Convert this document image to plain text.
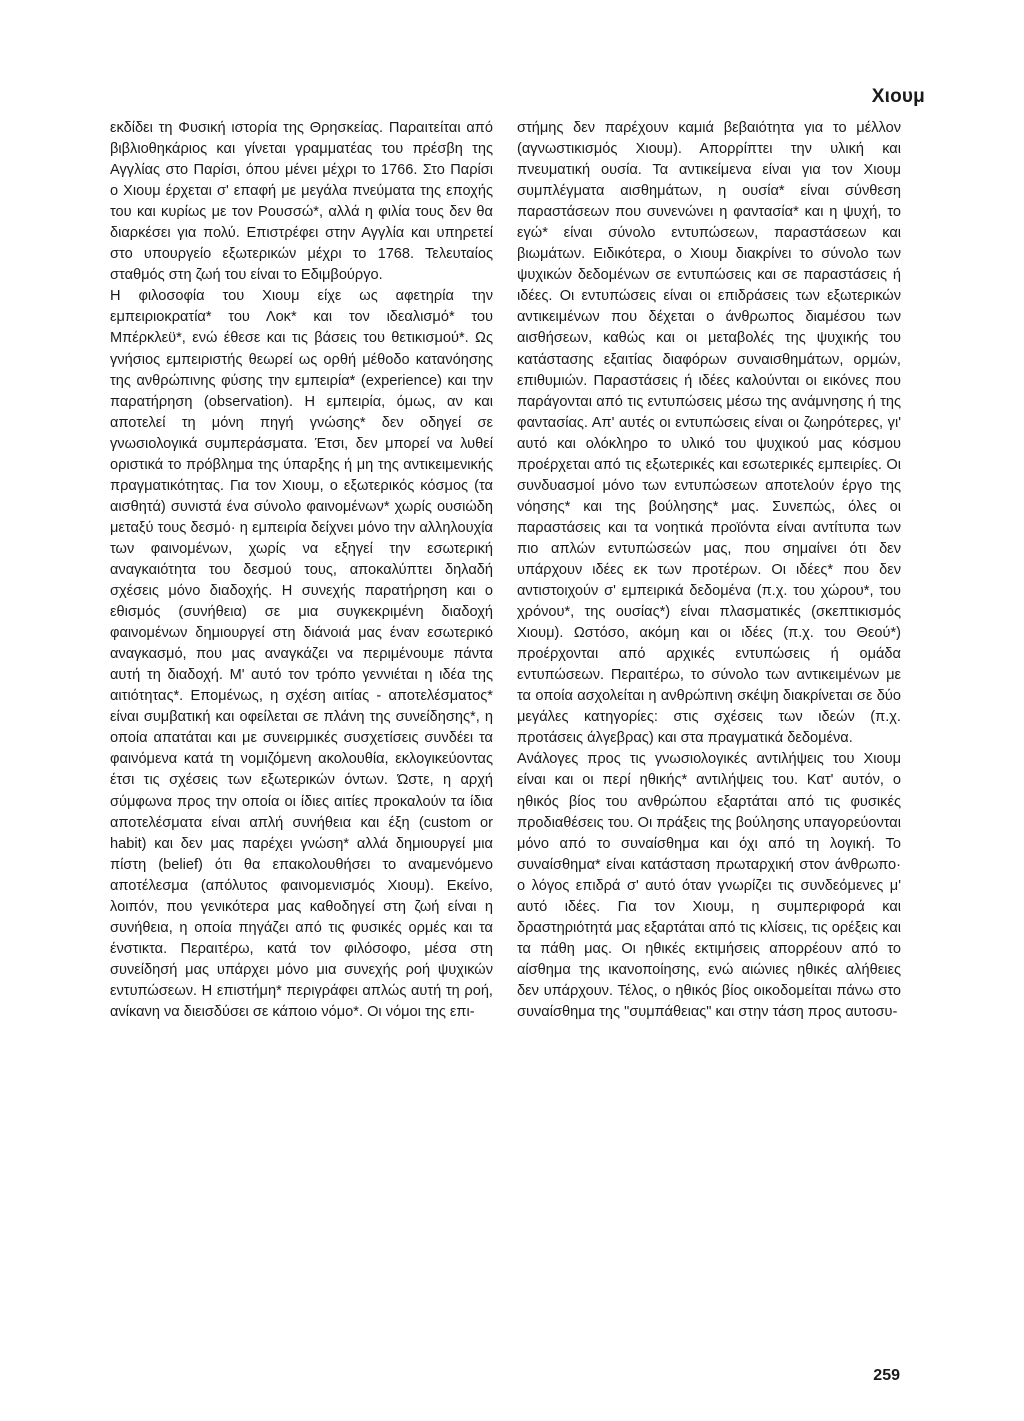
Χιουμ

εκδίδει τη Φυσική ιστορία της Θρησκείας. Παραιτείται από βιβλιοθηκάριος και γίνεται γραμματέας του πρέσβη της Αγγλίας στο Παρίσι, όπου μένει μέχρι το 1766. Στο Παρίσι ο Χιουμ έρχεται σ' επαφή με μεγάλα πνεύματα της εποχής του και κυρίως με τον Ρουσσώ*, αλλά η φιλία τους δεν θα διαρκέσει για πολύ. Επιστρέφει στην Αγγλία και υπηρετεί στο υπουργείο εξωτερικών μέχρι το 1768. Τελευταίος σταθμός στη ζωή του είναι το Εδιμβούργο.

Η φιλοσοφία του Χιουμ είχε ως αφετηρία την εμπειριοκρατία* του Λοκ* και τον ιδεαλισμό* του Μπέρκλεϋ*, ενώ έθεσε και τις βάσεις του θετικισμού*. Ως γνήσιος εμπειριστής θεωρεί ως ορθή μέθοδο κατανόησης της ανθρώπινης φύσης την εμπειρία* (experience) και την παρατήρηση (observation). Η εμπειρία, όμως, αν και αποτελεί τη μόνη πηγή γνώσης* δεν οδηγεί σε γνωσιολογικά συμπεράσματα. Έτσι, δεν μπορεί να λυθεί οριστικά το πρόβλημα της ύπαρξης ή μη της αντικειμενικής πραγματικότητας. Για τον Χιουμ, ο εξωτερικός κόσμος (τα αισθητά) συνιστά ένα σύνολο φαινομένων* χωρίς ουσιώδη μεταξύ τους δεσμό· η εμπειρία δείχνει μόνο την αλληλουχία των φαινομένων, χωρίς να εξηγεί την εσωτερική αναγκαιότητα του δεσμού τους, αποκαλύπτει δηλαδή σχέσεις μόνο διαδοχής. Η συνεχής παρατήρηση και ο εθισμός (συνήθεια) σε μια συγκεκριμένη διαδοχή φαινομένων δημιουργεί στη διάνοιά μας έναν εσωτερικό αναγκασμό, που μας αναγκάζει να περιμένουμε πάντα αυτή τη διαδοχή. Μ' αυτό τον τρόπο γεννιέται η ιδέα της αιτιότητας*. Επομένως, η σχέση αιτίας - αποτελέσματος* είναι συμβατική και οφείλεται σε πλάνη της συνείδησης*, η οποία απατάται και με συνειρμικές συσχετίσεις συνδέει τα φαινόμενα κατά τη νομιζόμενη ακολουθία, εκλογικεύοντας έτσι τις σχέσεις των εξωτερικών όντων. Ώστε, η αρχή σύμφωνα προς την οποία οι ίδιες αιτίες προκαλούν τα ίδια αποτελέσματα είναι απλή συνήθεια και έξη (custom or habit) και δεν μας παρέχει γνώση* αλλά δημιουργεί μια πίστη (belief) ότι θα επακολουθήσει το αναμενόμενο αποτέλεσμα (απόλυτος φαινομενισμός Χιουμ). Εκείνο, λοιπόν, που γενικότερα μας καθοδηγεί στη ζωή είναι η συνήθεια, η οποία πηγάζει από τις φυσικές ορμές και τα ένστικτα. Περαιτέρω, κατά τον φιλόσοφο, μέσα στη συνείδησή μας υπάρχει μόνο μια συνεχής ροή ψυχικών εντυπώσεων. Η επιστήμη* περιγράφει απλώς αυτή τη ροή, ανίκανη να διεισδύσει σε κάποιο νόμο*. Οι νόμοι της επι-

στήμης δεν παρέχουν καμιά βεβαιότητα για το μέλλον (αγνωστικισμός Χιουμ). Απορρίπτει την υλική και πνευματική ουσία. Τα αντικείμενα είναι για τον Χιουμ συμπλέγματα αισθημάτων, η ουσία* είναι σύνθεση παραστάσεων που συνενώνει η φαντασία* και η ψυχή, το εγώ* είναι σύνολο εντυπώσεων, παραστάσεων και βιωμάτων. Ειδικότερα, ο Χιουμ διακρίνει το σύνολο των ψυχικών δεδομένων σε εντυπώσεις και σε παραστάσεις ή ιδέες. Οι εντυπώσεις είναι οι επιδράσεις των εξωτερικών αντικειμένων που δέχεται ο άνθρωπος διαμέσου των αισθήσεων, καθώς και οι μεταβολές της ψυχικής του κατάστασης εξαιτίας διαφόρων συναισθημάτων, ορμών, επιθυμιών. Παραστάσεις ή ιδέες καλούνται οι εικόνες που παράγονται από τις εντυπώσεις μέσω της ανάμνησης ή της φαντασίας. Απ' αυτές οι εντυπώσεις είναι οι ζωηρότερες, γι' αυτό και ολόκληρο το υλικό του ψυχικού μας κόσμου προέρχεται από τις εξωτερικές και εσωτερικές εμπειρίες. Οι συνδυασμοί μόνο των εντυπώσεων αποτελούν έργο της νόησης* και της βούλησης* μας. Συνεπώς, όλες οι παραστάσεις και τα νοητικά προϊόντα είναι αντίτυπα των πιο απλών εντυπώσεών μας, που σημαίνει ότι δεν υπάρχουν ιδέες εκ των προτέρων. Οι ιδέες* που δεν αντιστοιχούν σ' εμπειρικά δεδομένα (π.χ. του χώρου*, του χρόνου*, της ουσίας*) είναι πλασματικές (σκεπτικισμός Χιουμ). Ωστόσο, ακόμη και οι ιδέες (π.χ. του Θεού*) προέρχονται από αρχικές εντυπώσεις ή ομάδα εντυπώσεων. Περαιτέρω, το σύνολο των αντικειμένων με τα οποία ασχολείται η ανθρώπινη σκέψη διακρίνεται σε δύο μεγάλες κατηγορίες: στις σχέσεις των ιδεών (π.χ. προτάσεις άλγεβρας) και στα πραγματικά δεδομένα.

Ανάλογες προς τις γνωσιολογικές αντιλήψεις του Χιουμ είναι και οι περί ηθικής* αντιλήψεις του. Κατ' αυτόν, ο ηθικός βίος του ανθρώπου εξαρτάται από τις φυσικές προδιαθέσεις του. Οι πράξεις της βούλησης υπαγορεύονται μόνο από το συναίσθημα και όχι από τη λογική. Το συναίσθημα* είναι κατάσταση πρωταρχική στον άνθρωπο· ο λόγος επιδρά σ' αυτό όταν γνωρίζει τις συνδεόμενες μ' αυτό ιδέες. Για τον Χιουμ, η συμπεριφορά και δραστηριότητά μας εξαρτάται από τις κλίσεις, τις ορέξεις και τα πάθη μας. Οι ηθικές εκτιμήσεις απορρέουν από το αίσθημα της ικανοποίησης, ενώ αιώνιες ηθικές αλήθειες δεν υπάρχουν. Τέλος, ο ηθικός βίος οικοδομείται πάνω στο συναίσθημα της "συμπάθειας" και στην τάση προς αυτοσυ-

259
